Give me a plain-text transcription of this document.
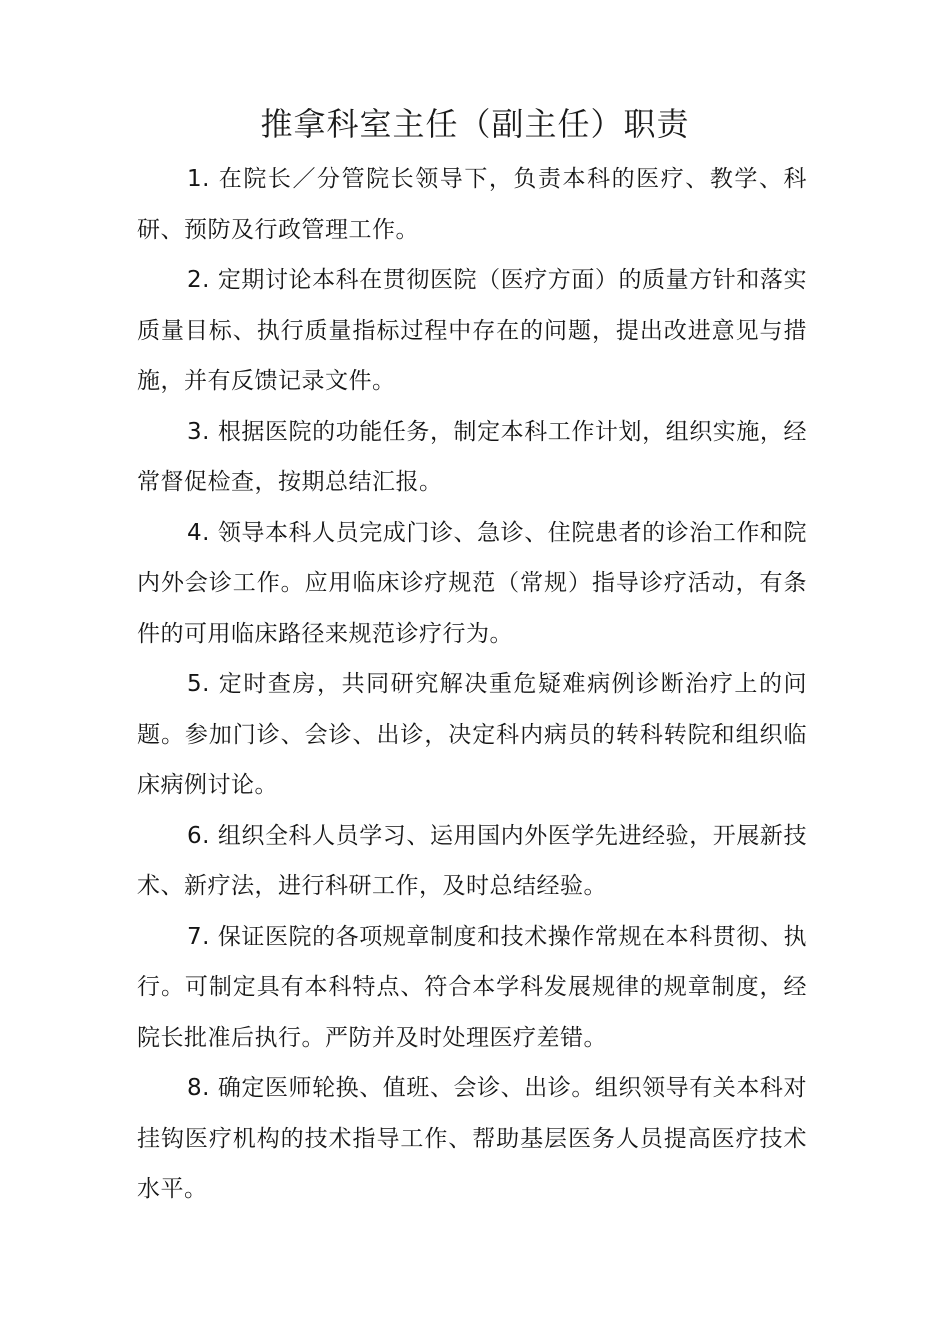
推拿科室主任（副主任）职责

1. 在院长／分管院长领导下，负责本科的医疗、教学、科研、预防及行政管理工作。

2. 定期讨论本科在贯彻医院（医疗方面）的质量方针和落实质量目标、执行质量指标过程中存在的问题，提出改进意见与措施，并有反馈记录文件。

3. 根据医院的功能任务，制定本科工作计划，组织实施，经常督促检查，按期总结汇报。

4. 领导本科人员完成门诊、急诊、住院患者的诊治工作和院内外会诊工作。应用临床诊疗规范（常规）指导诊疗活动，有条件的可用临床路径来规范诊疗行为。

5. 定时查房，共同研究解决重危疑难病例诊断治疗上的问题。参加门诊、会诊、出诊，决定科内病员的转科转院和组织临床病例讨论。

6. 组织全科人员学习、运用国内外医学先进经验，开展新技术、新疗法，进行科研工作，及时总结经验。

7. 保证医院的各项规章制度和技术操作常规在本科贯彻、执行。可制定具有本科特点、符合本学科发展规律的规章制度，经院长批准后执行。严防并及时处理医疗差错。

8. 确定医师轮换、值班、会诊、出诊。组织领导有关本科对挂钩医疗机构的技术指导工作、帮助基层医务人员提高医疗技术水平。
